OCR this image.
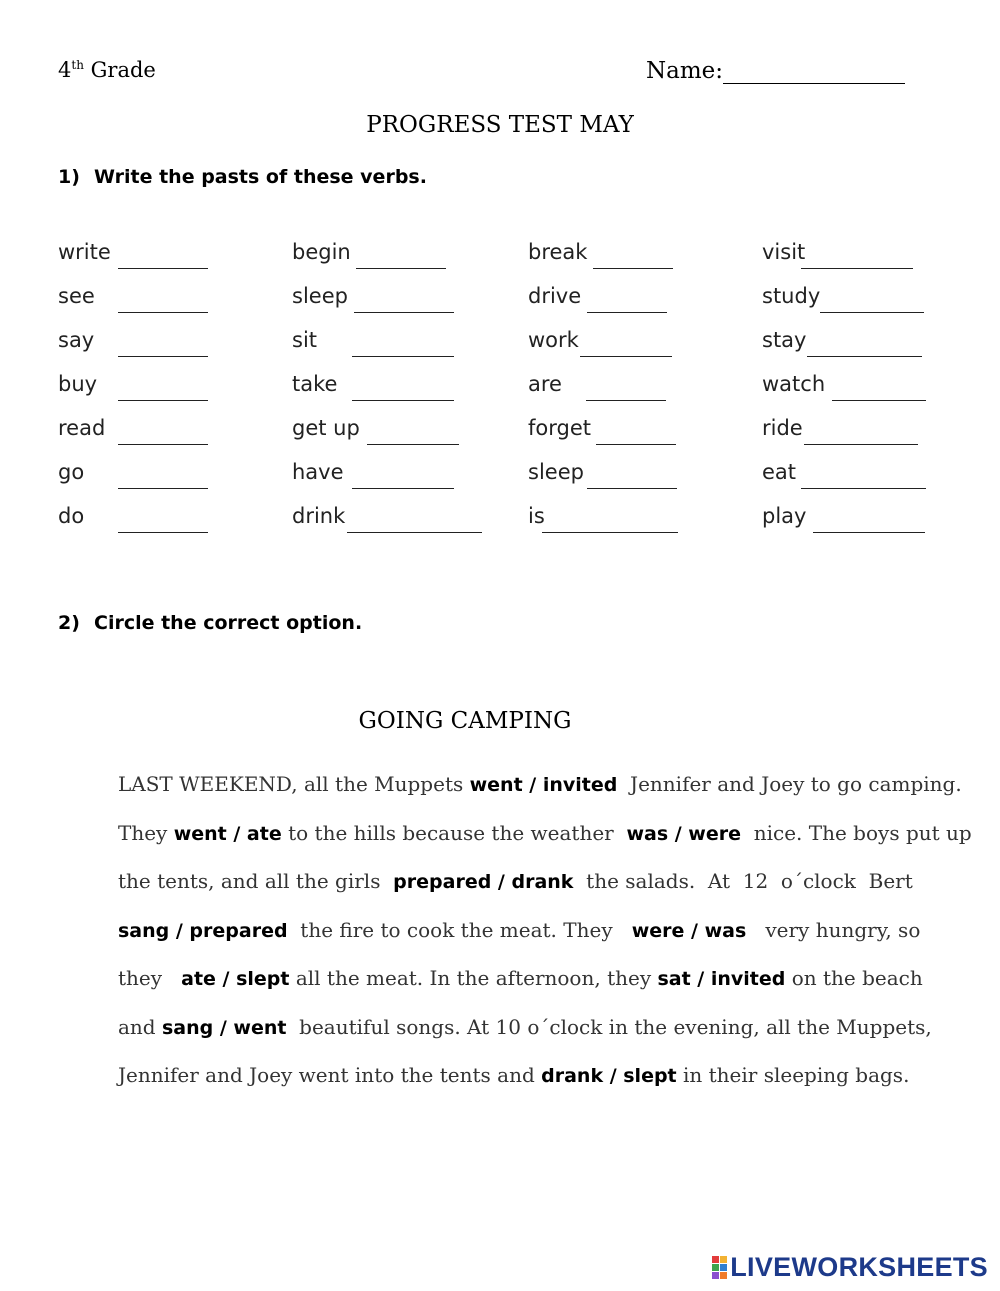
4th Grade	Name:
PROGRESS TEST MAY
1) Write the pasts of these verbs.
write	begin	break	visit
see	sleep	drive	study
say	sit	work	stay
buy	take	are	watch
read	get up	forget	ride
go	have	sleep	eat
do	drink	is	play
2) Circle the correct option.
GOING CAMPING
LAST WEEKEND, all the Muppets went / invited  Jennifer and Joey to go camping.
They went / ate to the hills because the weather  was / were  nice. The boys put up
the tents, and all the girls  prepared / drank  the salads.  At  12  o´clock  Bert
sang / prepared  the fire to cook the meat. They   were / was   very hungry, so
they   ate / slept all the meat. In the afternoon, they sat / invited on the beach
and sang / went  beautiful songs. At 10 o´clock in the evening, all the Muppets,
Jennifer and Joey went into the tents and drank / slept in their sleeping bags.
LIVEWORKSHEETS
